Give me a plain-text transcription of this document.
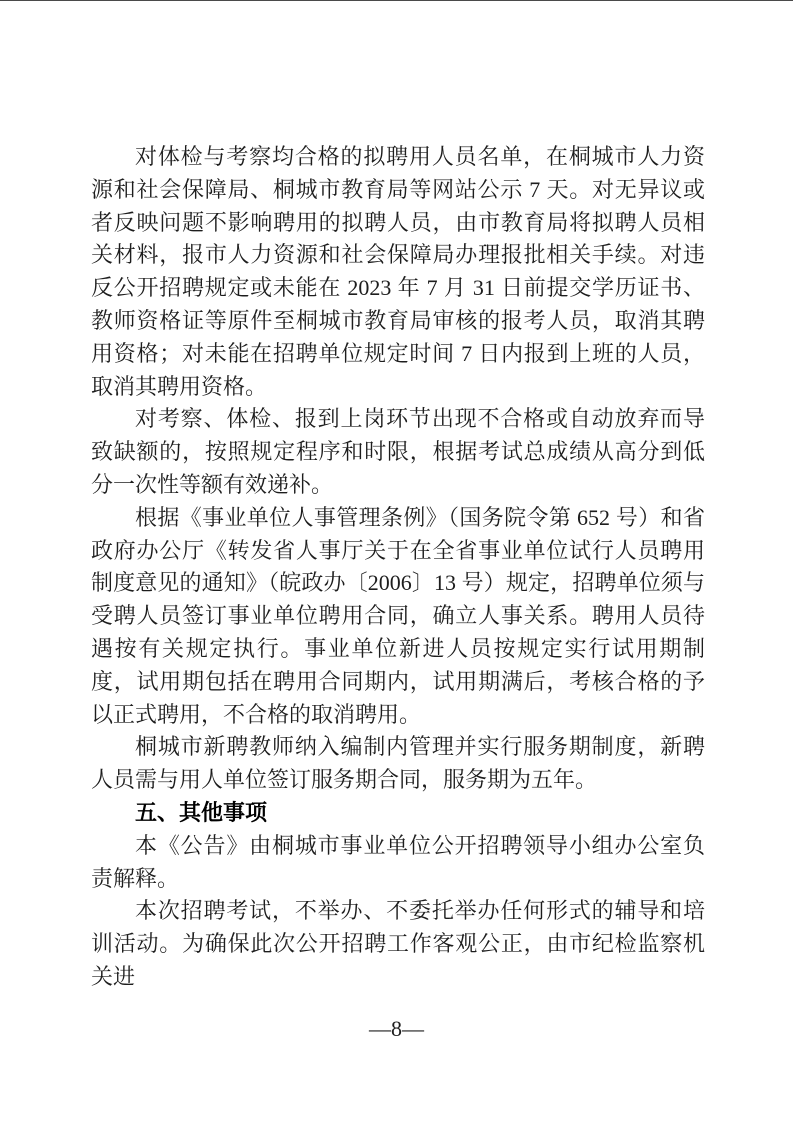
对体检与考察均合格的拟聘用人员名单，在桐城市人力资源和社会保障局、桐城市教育局等网站公示 7 天。对无异议或者反映问题不影响聘用的拟聘人员，由市教育局将拟聘人员相关材料，报市人力资源和社会保障局办理报批相关手续。对违反公开招聘规定或未能在 2023 年 7 月 31 日前提交学历证书、教师资格证等原件至桐城市教育局审核的报考人员，取消其聘用资格；对未能在招聘单位规定时间 7 日内报到上班的人员，取消其聘用资格。

对考察、体检、报到上岗环节出现不合格或自动放弃而导致缺额的，按照规定程序和时限，根据考试总成绩从高分到低分一次性等额有效递补。

根据《事业单位人事管理条例》（国务院令第 652 号）和省政府办公厅《转发省人事厅关于在全省事业单位试行人员聘用制度意见的通知》（皖政办〔2006〕13 号）规定，招聘单位须与受聘人员签订事业单位聘用合同，确立人事关系。聘用人员待遇按有关规定执行。事业单位新进人员按规定实行试用期制度，试用期包括在聘用合同期内，试用期满后，考核合格的予以正式聘用，不合格的取消聘用。

桐城市新聘教师纳入编制内管理并实行服务期制度，新聘人员需与用人单位签订服务期合同，服务期为五年。

五、其他事项

本《公告》由桐城市事业单位公开招聘领导小组办公室负责解释。

本次招聘考试，不举办、不委托举办任何形式的辅导和培训活动。为确保此次公开招聘工作客观公正，由市纪检监察机关进

—8—
